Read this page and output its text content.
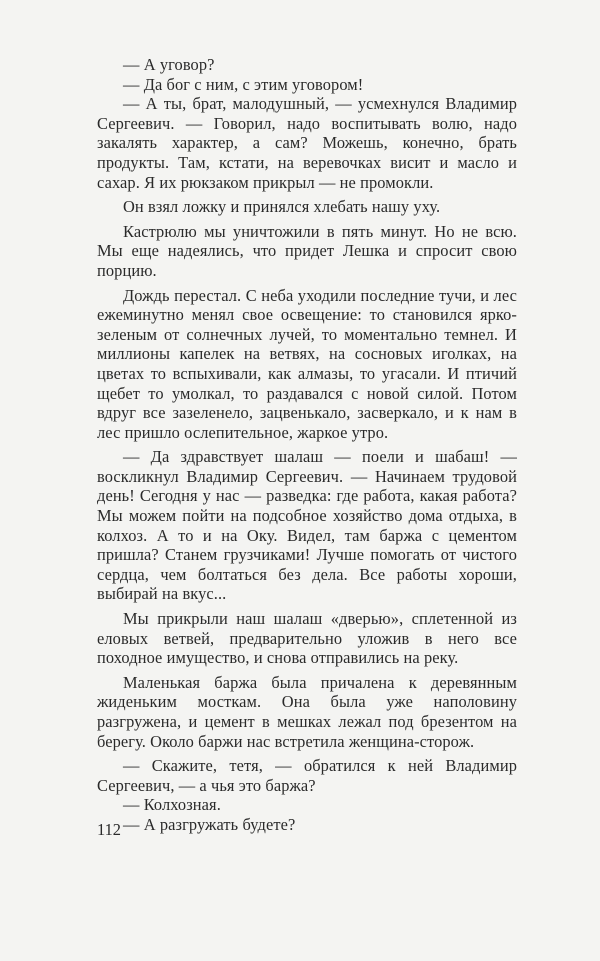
— А уговор?

— Да бог с ним, с этим уговором!

— А ты, брат, малодушный, — усмехнулся Владимир Сергеевич. — Говорил, надо воспитывать волю, надо закалять характер, а сам? Можешь, конечно, брать продукты. Там, кстати, на веревочках висит и масло и сахар. Я их рюкзаком прикрыл — не промокли.

Он взял ложку и принялся хлебать нашу уху.

Кастрюлю мы уничтожили в пять минут. Но не всю. Мы еще надеялись, что придет Лешка и спросит свою порцию.

Дождь перестал. С неба уходили последние тучи, и лес ежеминутно менял свое освещение: то становился ярко-зеленым от солнечных лучей, то моментально темнел. И миллионы капелек на ветвях, на сосновых иголках, на цветах то вспыхивали, как алмазы, то угасали. И птичий щебет то умолкал, то раздавался с новой силой. Потом вдруг все зазеленело, зацвенькало, засверкало, и к нам в лес пришло ослепительное, жаркое утро.

— Да здравствует шалаш — поели и шабаш! — воскликнул Владимир Сергеевич. — Начинаем трудовой день! Сегодня у нас — разведка: где работа, какая работа? Мы можем пойти на подсобное хозяйство дома отдыха, в колхоз. А то и на Оку. Видел, там баржа с цементом пришла? Станем грузчиками! Лучше помогать от чистого сердца, чем болтаться без дела. Все работы хороши, выбирай на вкус...

Мы прикрыли наш шалаш «дверью», сплетенной из еловых ветвей, предварительно уложив в него все походное имущество, и снова отправились на реку.

Маленькая баржа была причалена к деревянным жиденьким мосткам. Она была уже наполовину разгружена, и цемент в мешках лежал под брезентом на берегу. Около баржи нас встретила женщина-сторож.

— Скажите, тетя, — обратился к ней Владимир Сергеевич, — а чья это баржа?

— Колхозная.

— А разгружать будете?

112
